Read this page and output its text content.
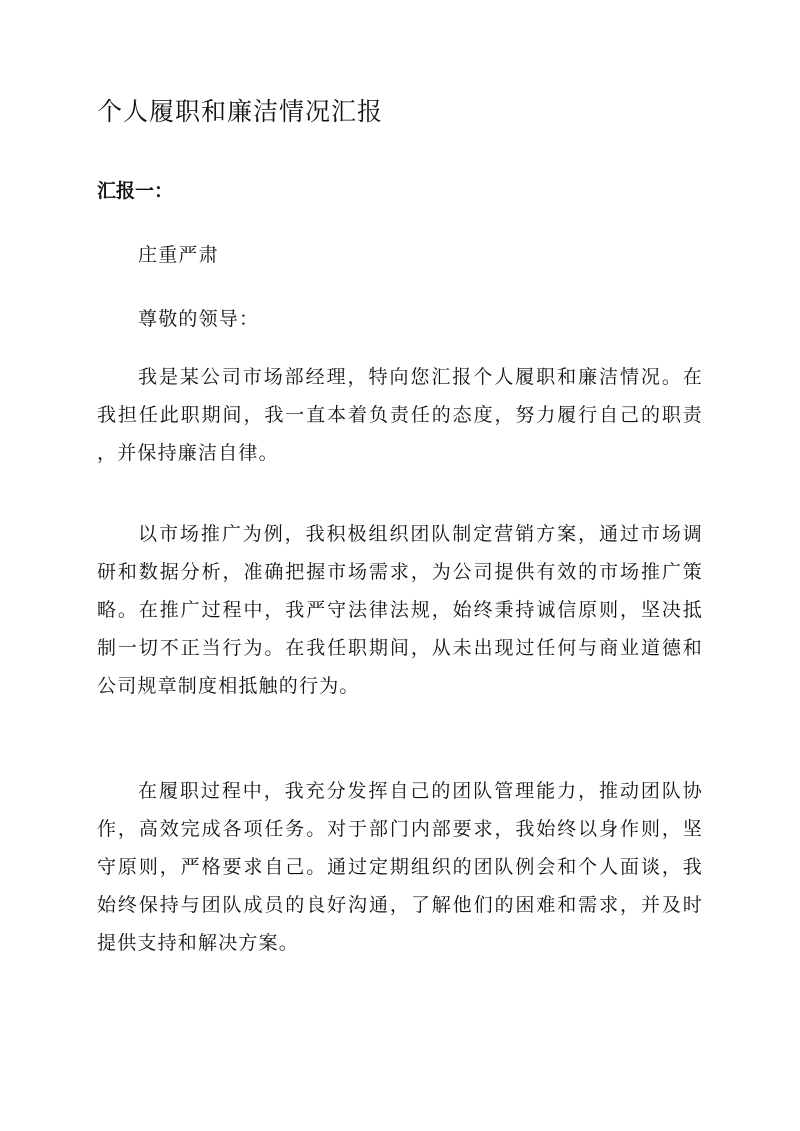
个人履职和廉洁情况汇报
汇报一：

庄重严肃

尊敬的领导：

我是某公司市场部经理，特向您汇报个人履职和廉洁情况。在
我担任此职期间，我一直本着负责任的态度，努力履行自己的职责
，并保持廉洁自律。
以市场推广为例，我积极组织团队制定营销方案，通过市场调
研和数据分析，准确把握市场需求，为公司提供有效的市场推广策
略。在推广过程中，我严守法律法规，始终秉持诚信原则，坚决抵
制一切不正当行为。在我任职期间，从未出现过任何与商业道德和
公司规章制度相抵触的行为。
在履职过程中，我充分发挥自己的团队管理能力，推动团队协
作，高效完成各项任务。对于部门内部要求，我始终以身作则，坚
守原则，严格要求自己。通过定期组织的团队例会和个人面谈，我
始终保持与团队成员的良好沟通，了解他们的困难和需求，并及时
提供支持和解决方案。
